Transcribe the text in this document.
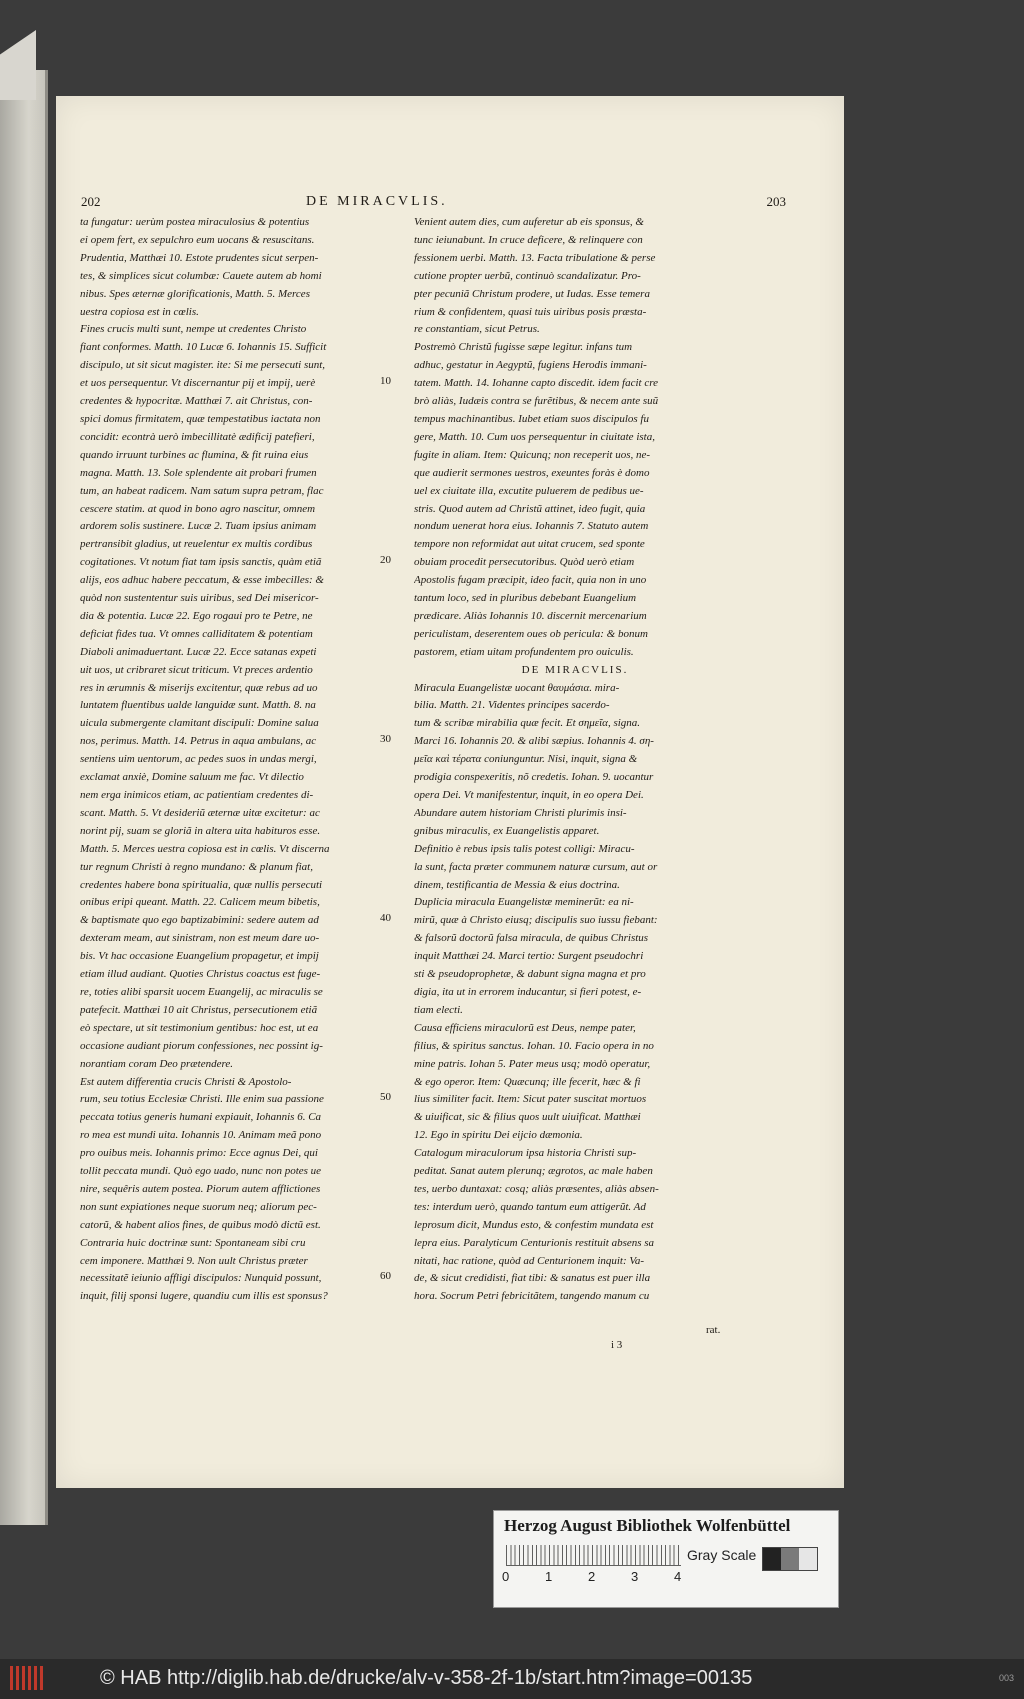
202	DE MIRACVLIS.	203

ta fungatur: uerùm postea miraculosius & potentius

ei opem fert, ex sepulchro eum uocans & resuscitans.

Prudentia, Matthæi 10. Estote prudentes sicut serpen-

tes, & simplices sicut columbæ: Cauete autem ab homi

nibus. Spes æternæ glorificationis, Matth. 5. Merces

uestra copiosa est in cœlis.

Fines crucis multi sunt, nempe ut credentes Christo

fiant conformes. Matth. 10 Lucæ 6. Iohannis 15. Sufficit

discipulo, ut sit sicut magister. ite: Si me persecuti sunt,

et uos persequentur. Vt discernantur pij et impij, uerè

credentes & hypocritæ. Matthæi 7. ait Christus, con-

spici domus firmitatem, quæ tempestatibus iactata non

concidit: econtrà uerò imbecillitatè ædificij patefieri,

quando irruunt turbines ac flumina, & fit ruina eius

magna. Matth. 13. Sole splendente ait probari frumen

tum, an habeat radicem. Nam satum supra petram, flac

cescere statim. at quod in bono agro nascitur, omnem

ardorem solis sustinere. Lucæ 2. Tuam ipsius animam

pertransibit gladius, ut reuelentur ex multis cordibus

cogitationes. Vt notum fiat tam ipsis sanctis, quàm etiã

alijs, eos adhuc habere peccatum, & esse imbecilles: &

quòd non sustententur suis uiribus, sed Dei misericor-

dia & potentia. Lucæ 22. Ego rogaui pro te Petre, ne

deficiat fides tua. Vt omnes calliditatem & potentiam

Diaboli animaduertant. Lucæ 22. Ecce satanas expeti

uit uos, ut cribraret sicut triticum. Vt preces ardentio

res in ærumnis & miserijs excitentur, quæ rebus ad uo

luntatem fluentibus ualde languidæ sunt. Matth. 8. na

uicula submergente clamitant discipuli: Domine salua

nos, perimus. Matth. 14. Petrus in aqua ambulans, ac

sentiens uim uentorum, ac pedes suos in undas mergi,

exclamat anxiè, Domine saluum me fac. Vt dilectio

nem erga inimicos etiam, ac patientiam credentes di-

scant. Matth. 5. Vt desideriũ æternæ uitæ excitetur: ac

norint pij, suam se gloriã in altera uita habituros esse.

Matth. 5. Merces uestra copiosa est in cœlis. Vt discerna

tur regnum Christi à regno mundano: & planum fiat,

credentes habere bona spiritualia, quæ nullis persecuti

onibus eripi queant. Matth. 22. Calicem meum bibetis,

& baptismate quo ego baptizabimini: sedere autem ad

dexteram meam, aut sinistram, non est meum dare uo-

bis. Vt hac occasione Euangelium propagetur, et impij

etiam illud audiant. Quoties Christus coactus est fuge-

re, toties alibi sparsit uocem Euangelij, ac miraculis se

patefecit. Matthæi 10 ait Christus, persecutionem etiã

eò spectare, ut sit testimonium gentibus: hoc est, ut ea

occasione audiant piorum confessiones, nec possint ig-

norantiam coram Deo prætendere.

Est autem differentia crucis Christi & Apostolo-

rum, seu totius Ecclesiæ Christi. Ille enim sua passione

peccata totius generis humani expiauit, Iohannis 6. Ca

ro mea est mundi uita. Iohannis 10. Animam meã pono

pro ouibus meis. Iohannis primo: Ecce agnus Dei, qui

tollit peccata mundi. Quò ego uado, nunc non potes ue

nire, sequêris autem postea. Piorum autem afflictiones

non sunt expiationes neque suorum neq; aliorum pec-

catorũ, & habent alios fines, de quibus modò dictũ est.

Contraria huic doctrinæ sunt: Spontaneam sibi cru

cem imponere. Matthæi 9. Non uult Christus præter

necessitatẽ ieiunio affligi discipulos: Nunquid possunt,

inquit, filij sponsi lugere, quandiu cum illis est sponsus?

10
20
30
40
50
60

Venient autem dies, cum auferetur ab eis sponsus, &

tunc ieiunabunt. In cruce deficere, & relinquere con

fessionem uerbi. Matth. 13. Facta tribulatione & perse

cutione propter uerbũ, continuò scandalizatur. Pro-

pter pecuniã Christum prodere, ut Iudas. Esse temera

rium & confidentem, quasi tuis uiribus posis præsta-

re constantiam, sicut Petrus.

Postremò Christũ fugisse sæpe legitur. infans tum

adhuc, gestatur in Aegyptũ, fugiens Herodis immani-

tatem. Matth. 14. Iohanne capto discedit. idem facit cre

brò aliàs, Iudæis contra se furẽtibus, & necem ante suũ

tempus machinantibus. Iubet etiam suos discipulos fu

gere, Matth. 10. Cum uos persequentur in ciuitate ista,

fugite in aliam. Item: Quicunq; non receperit uos, ne-

que audierit sermones uestros, exeuntes foràs è domo

uel ex ciuitate illa, excutite puluerem de pedibus ue-

stris. Quod autem ad Christũ attinet, ideo fugit, quia

nondum uenerat hora eius. Iohannis 7. Statuto autem

tempore non reformidat aut uitat crucem, sed sponte

obuiam procedit persecutoribus. Quòd uerò etiam

Apostolis fugam præcipit, ideo facit, quia non in uno

tantum loco, sed in pluribus debebant Euangelium

prædicare. Aliàs Iohannis 10. discernit mercenarium

periculistam, deserentem oues ob pericula: & bonum

pastorem, etiam uitam profundentem pro ouiculis.

DE MIRACVLIS.

Miracula Euangelistæ uocant θαυμάσια. mira-

bilia. Matth. 21. Videntes principes sacerdo-

tum & scribæ mirabilia quæ fecit. Et σημεῖα, signa.

Marci 16. Iohannis 20. & alibi sæpius. Iohannis 4. ση-

μεῖα καὶ τέρατα coniunguntur. Nisi, inquit, signa &

prodigia conspexeritis, nõ credetis. Iohan. 9. uocantur

opera Dei. Vt manifestentur, inquit, in eo opera Dei.

Abundare autem historiam Christi plurimis insi-

gnibus miraculis, ex Euangelistis apparet.

Definitio è rebus ipsis talis potest colligi: Miracu-

la sunt, facta præter communem naturæ cursum, aut or

dinem, testificantia de Messia & eius doctrina.

Duplicia miracula Euangelistæ meminerũt: ea ni-

mirũ, quæ à Christo eiusq; discipulis suo iussu fiebant:

& falsorũ doctorũ falsa miracula, de quibus Christus

inquit Matthæi 24. Marci tertio: Surgent pseudochri

sti & pseudoprophetæ, & dabunt signa magna et pro

digia, ita ut in errorem inducantur, si fieri potest, e-

tiam electi.

Causa efficiens miraculorũ est Deus, nempe pater,

filius, & spiritus sanctus. Iohan. 10. Facio opera in no

mine patris. Iohan 5. Pater meus usq; modò operatur,

& ego operor. Item: Quæcunq; ille fecerit, hæc & fi

lius similiter facit. Item: Sicut pater suscitat mortuos

& uiuificat, sic & filius quos uult uiuificat. Matthæi

12. Ego in spiritu Dei eijcio dæmonia.

Catalogum miraculorum ipsa historia Christi sup-

peditat. Sanat autem plerunq; ægrotos, ac male haben

tes, uerbo duntaxat: cosq; aliàs præsentes, aliàs absen-

tes: interdum uerò, quando tantum eum attigerũt. Ad

leprosum dicit, Mundus esto, & confestim mundata est

lepra eius. Paralyticum Centurionis restituit absens sa

nitati, hac ratione, quòd ad Centurionem inquit: Va-

de, & sicut credidisti, fiat tibi: & sanatus est puer illa

hora. Socrum Petri febricitãtem, tangendo manum cu

i 3
rat.
Herzog August Bibliothek Wolfenbüttel
0	1	2	3	4
Gray Scale
© HAB http://diglib.hab.de/drucke/alv-v-358-2f-1b/start.htm?image=00135	003
